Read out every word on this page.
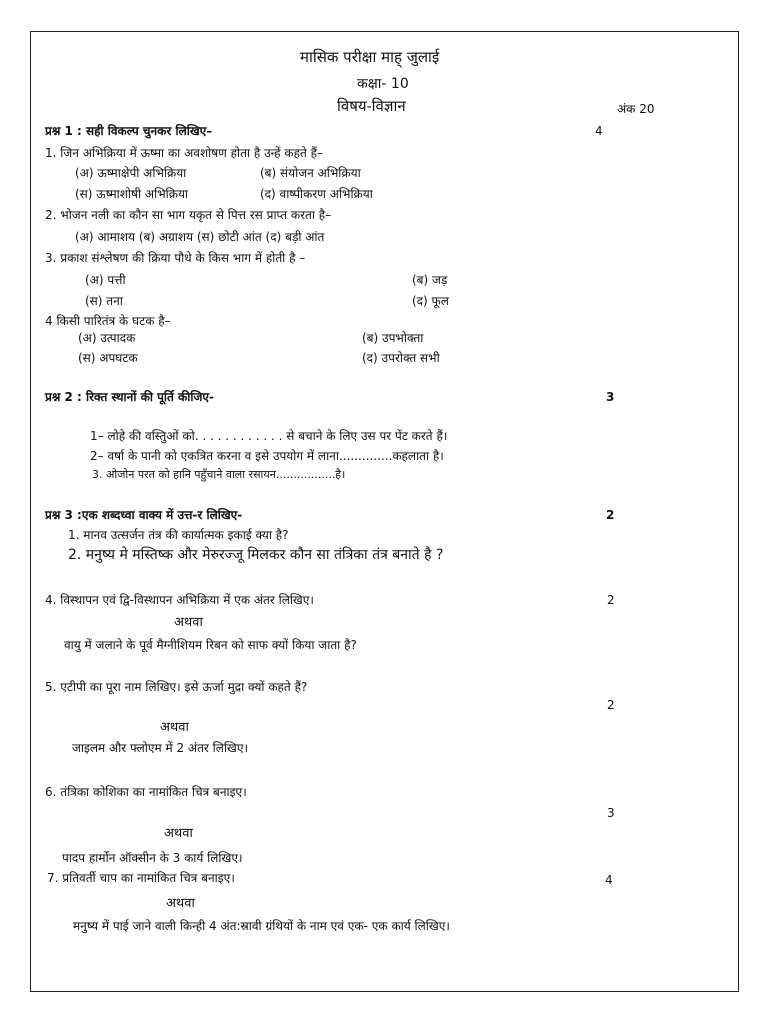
मासिक परीक्षा माह् जुलाई
कक्षा- 10
विषय-विज्ञान	अंक 20
प्रश्न 1 : सही विकल्प चुनकर लिखिए–	4
1. जिन अभिक्रिया में ऊष्मा का अवशोषण होता है उन्हें कहते हैं–
(अ) ऊष्माक्षेपी अभिक्रिया	(ब) संयोजन अभिक्रिया
(स) ऊष्माशोषी अभिक्रिया	(द) वाष्पीकरण अभिक्रिया
2. भोजन नली का कौन सा भाग यकृत से पित्त रस प्राप्त करता है–
(अ) आमाशय (ब) अग्राशय (स) छोटी आंत (द) बड़ी आंत
3. प्रकाश संश्लेषण की क्रिया पौधे के किस भाग में होती है –
(अ) पत्ती	(ब) जड़
(स) तना	(द) फूल
4 किसी पारितंत्र के घटक है–
(अ) उत्पादक	(ब) उपभोक्ता
(स) अपघटक	(द) उपरोक्त सभी
प्रश्न 2 : रिक्त स्थानों की पूर्ति कीजिए-	3
1– लोहे की वस्तुिओं को. . . . . . . . . . . . से बचाने के लिए उस पर पेंट करते हैं।
2– वर्षा के पानी को एकत्रित करना व इसे उपयोग में लाना..............कहलाता है।
3. ओजोन परत को हानि पहुँचाने वाला रसायन.................है।
प्रश्न 3 :एक शब्दध्वा वाक्य में उत्त-र लिखिए-	2
1. मानव उत्सर्जन तंत्र की कार्यात्मक इकाई क्या है?
2. मनुष्य मे मस्तिष्क और मेरुरज्जू मिलकर कौन सा तंत्रिका तंत्र बनाते है ?
4. विस्थापन एवं द्वि-विस्थापन अभिक्रिया में एक अंतर लिखिए।	2
अथवा
वायु में जलाने के पूर्व मैग्नीशियम रिबन को साफ क्यों किया जाता है?
5. एटीपी का पूरा नाम लिखिए। इसे ऊर्जा मुद्रा क्यों कहते हैं?
2
अथवा
जाइलम और फ्लोएम में 2 अंतर लिखिए।
6. तंत्रिका कोशिका का नामांकित चित्र बनाइए।
3
अथवा
पादप हार्मोन ऑक्सीन के 3 कार्य लिखिए।
7. प्रतिवर्ती चाप का नामांकित चित्र बनाइए।	4
अथवा
मनुष्य में पाई जाने वाली किन्ही 4 अंत:स्रावी ग्रंथियों के नाम एवं एक- एक कार्य लिखिए।
